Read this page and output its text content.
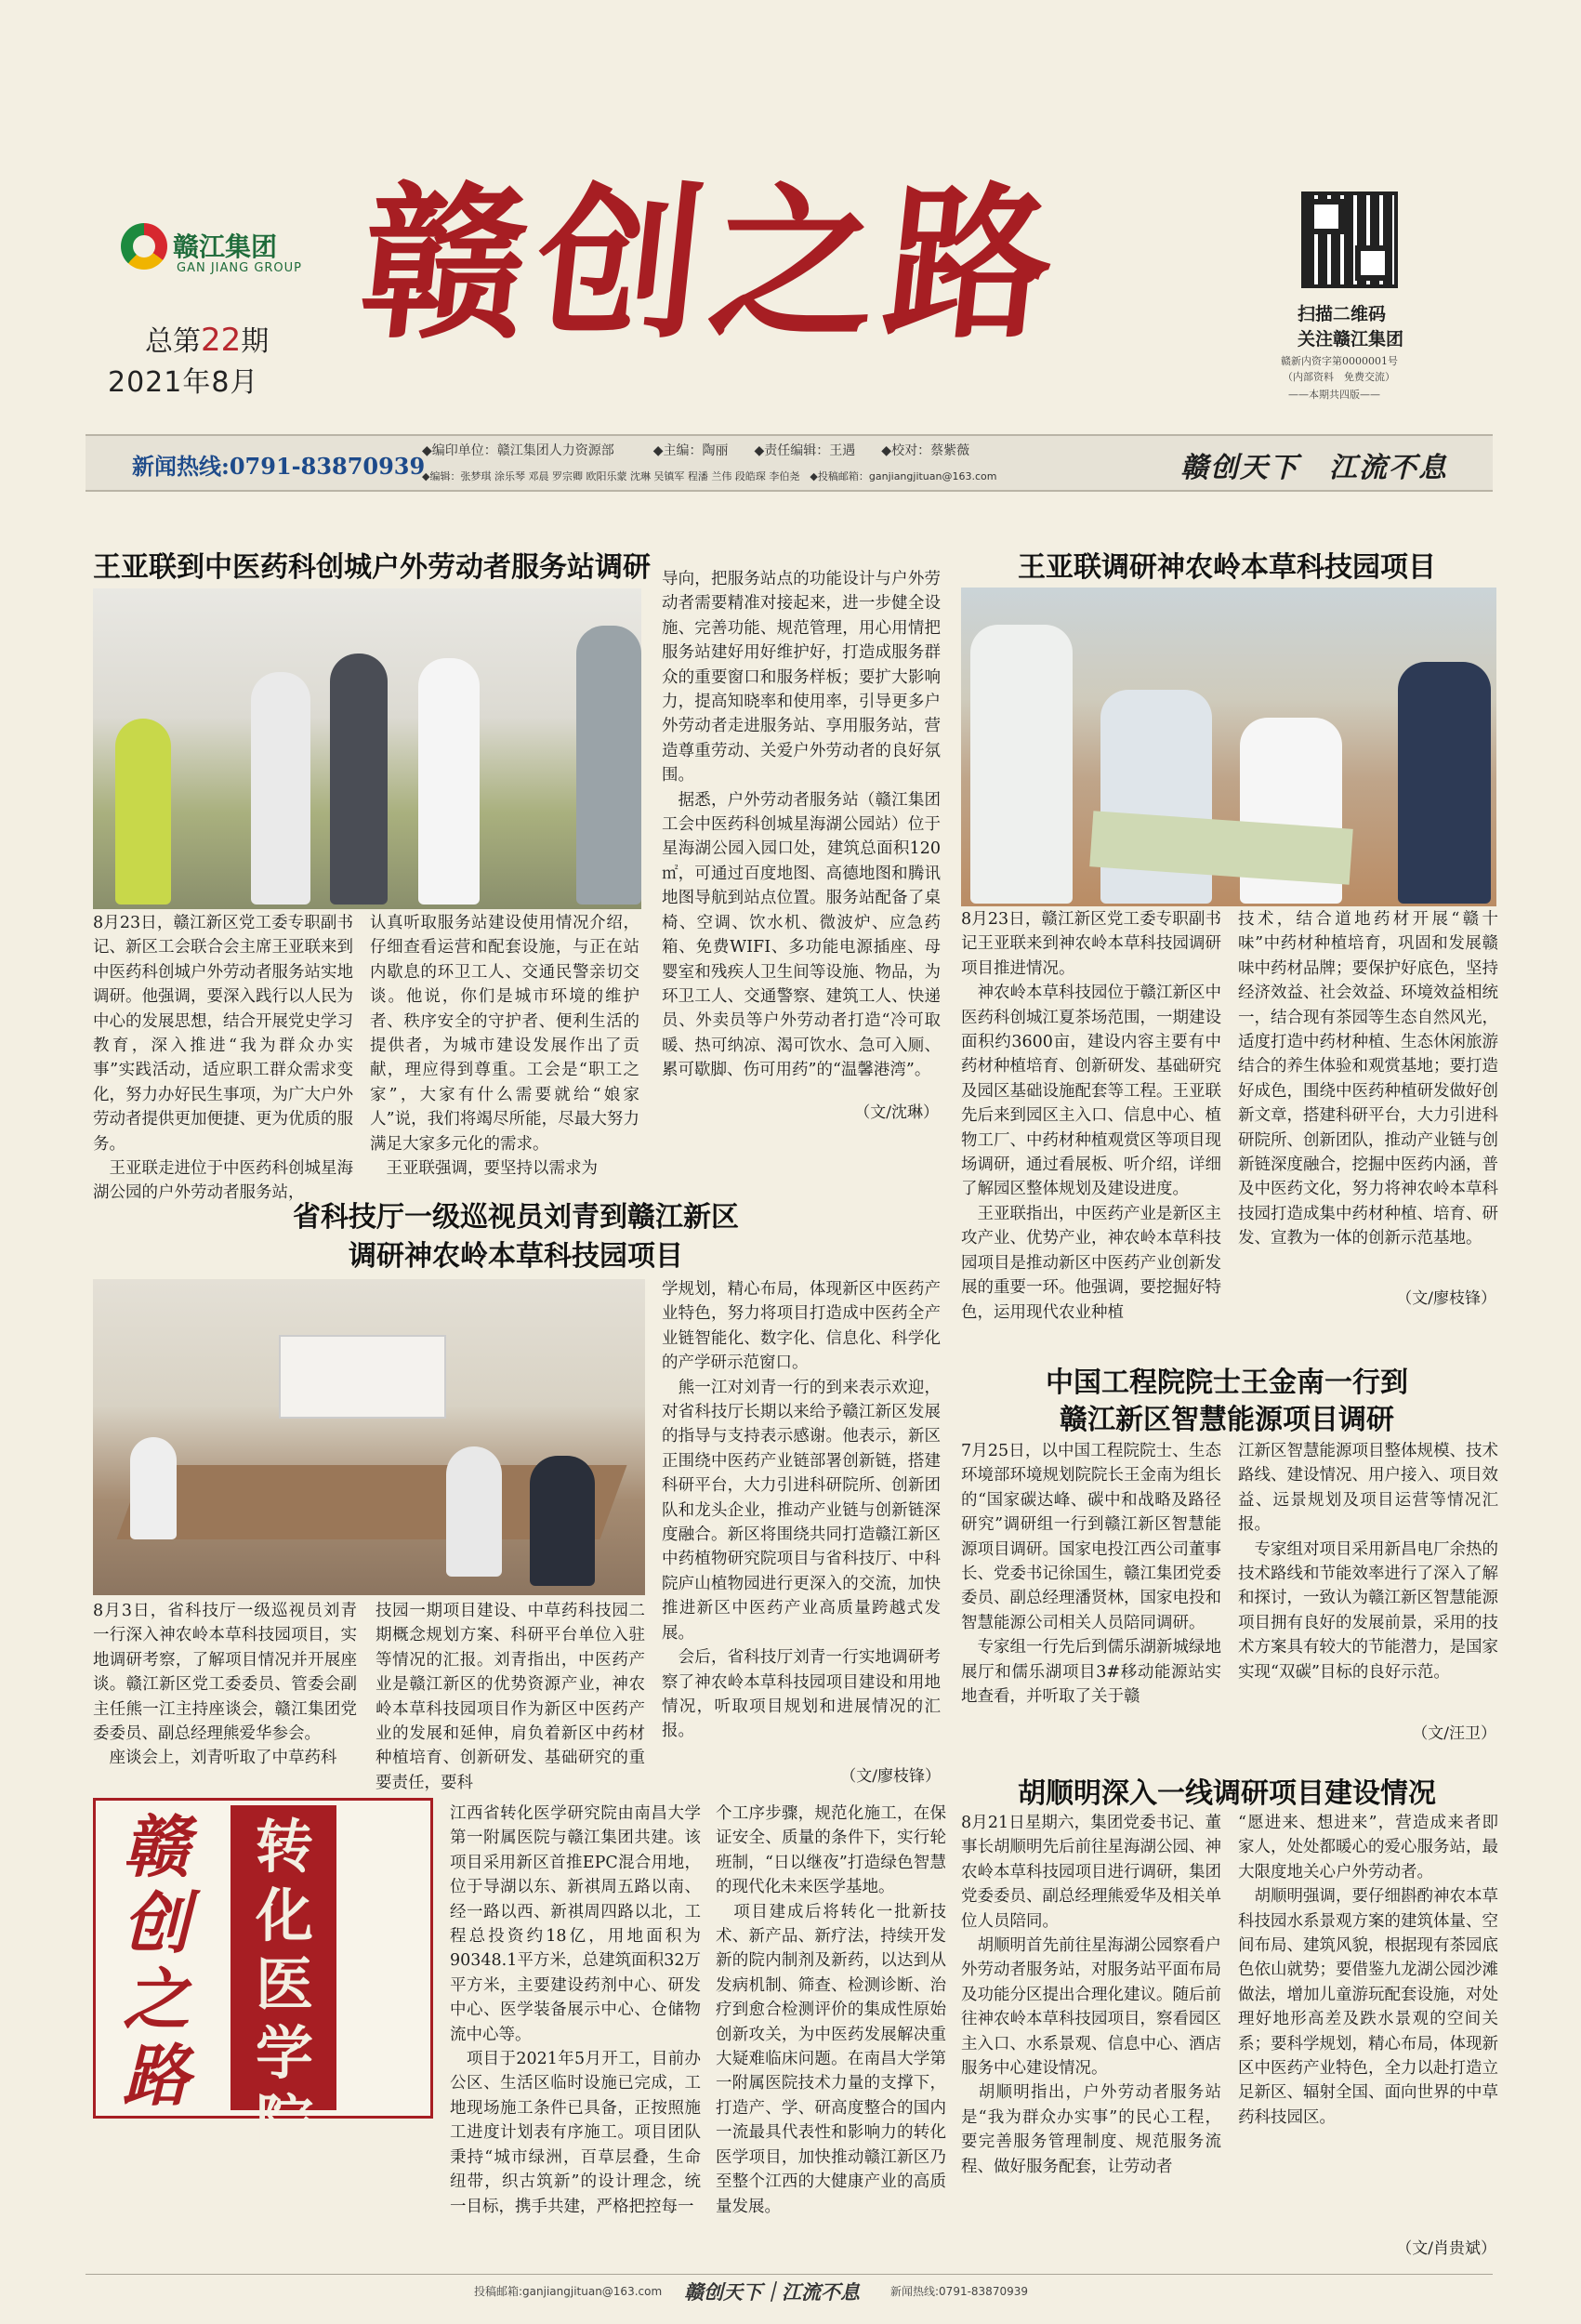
赣江集团
GAN JIANG GROUP
总第22期
2021年8月
赣创之路	扫描二维码
关注赣江集团
赣新内资字第0000001号
（内部资料　免费交流）
——本期共四版——
新闻热线:0791-83870939
◆编印单位：赣江集团人力资源部　　　◆主编：陶丽　　◆责任编辑：王遇　　◆校对：蔡紫薇
◆编辑：张梦琪 涂乐琴 邓晨 罗宗卿 欧阳乐蒙 沈琳 吴镇军 程潘 兰伟 段皓琛 李伯尧　◆投稿邮箱：ganjiangjituan@163.com	赣创天下　江流不息
王亚联到中医药科创城户外劳动者服务站调研
8月23日，赣江新区党工委专职副书记、新区工会联合会主席王亚联来到中医药科创城户外劳动者服务站实地调研。他强调，要深入践行以人民为中心的发展思想，结合开展党史学习教育，深入推进“我为群众办实事”实践活动，适应职工群众需求变化，努力办好民生事项，为广大户外劳动者提供更加便捷、更为优质的服务。
　王亚联走进位于中医药科创城星海湖公园的户外劳动者服务站，
认真听取服务站建设使用情况介绍，仔细查看运营和配套设施，与正在站内歇息的环卫工人、交通民警亲切交谈。他说，你们是城市环境的维护者、秩序安全的守护者、便利生活的提供者，为城市建设发展作出了贡献，理应得到尊重。工会是“职工之家”，大家有什么需要就给“娘家人”说，我们将竭尽所能，尽最大努力满足大家多元化的需求。
　王亚联强调，要坚持以需求为
导向，把服务站点的功能设计与户外劳动者需要精准对接起来，进一步健全设施、完善功能、规范管理，用心用情把服务站建好用好维护好，打造成服务群众的重要窗口和服务样板；要扩大影响力，提高知晓率和使用率，引导更多户外劳动者走进服务站、享用服务站，营造尊重劳动、关爱户外劳动者的良好氛围。
　据悉，户外劳动者服务站（赣江集团工会中医药科创城星海湖公园站）位于星海湖公园入园口处，建筑总面积120㎡，可通过百度地图、高德地图和腾讯地图导航到站点位置。服务站配备了桌椅、空调、饮水机、微波炉、应急药箱、免费WIFI、多功能电源插座、母婴室和残疾人卫生间等设施、物品，为环卫工人、交通警察、建筑工人、快递员、外卖员等户外劳动者打造“冷可取暖、热可纳凉、渴可饮水、急可入厕、累可歇脚、伤可用药”的“温馨港湾”。
（文/沈琳）
王亚联调研神农岭本草科技园项目
8月23日，赣江新区党工委专职副书记王亚联来到神农岭本草科技园调研项目推进情况。
　神农岭本草科技园位于赣江新区中医药科创城江夏茶场范围，一期建设面积约3600亩，建设内容主要有中药材种植培育、创新研发、基础研究及园区基础设施配套等工程。王亚联先后来到园区主入口、信息中心、植物工厂、中药材种植观赏区等项目现场调研，通过看展板、听介绍，详细了解园区整体规划及建设进度。
　王亚联指出，中医药产业是新区主攻产业、优势产业，神农岭本草科技园项目是推动新区中医药产业创新发展的重要一环。他强调，要挖掘好特色，运用现代农业种植
技术，结合道地药材开展“赣十味”中药材种植培育，巩固和发展赣味中药材品牌；要保护好底色，坚持经济效益、社会效益、环境效益相统一，结合现有茶园等生态自然风光，适度打造中药材种植、生态休闲旅游结合的养生体验和观赏基地；要打造好成色，围绕中医药种植研发做好创新文章，搭建科研平台，大力引进科研院所、创新团队，推动产业链与创新链深度融合，挖掘中医药内涵，普及中医药文化，努力将神农岭本草科技园打造成集中药材种植、培育、研发、宣教为一体的创新示范基地。
（文/廖枝锋）
省科技厅一级巡视员刘青到赣江新区
调研神农岭本草科技园项目
8月3日，省科技厅一级巡视员刘青一行深入神农岭本草科技园项目，实地调研考察，了解项目情况并开展座谈。赣江新区党工委委员、管委会副主任熊一江主持座谈会，赣江集团党委委员、副总经理熊爱华参会。
　座谈会上，刘青听取了中草药科
技园一期项目建设、中草药科技园二期概念规划方案、科研平台单位入驻等情况的汇报。刘青指出，中医药产业是赣江新区的优势资源产业，神农岭本草科技园项目作为新区中医药产业的发展和延伸，肩负着新区中药材种植培育、创新研发、基础研究的重要责任，要科
学规划，精心布局，体现新区中医药产业特色，努力将项目打造成中医药全产业链智能化、数字化、信息化、科学化的产学研示范窗口。
　熊一江对刘青一行的到来表示欢迎，对省科技厅长期以来给予赣江新区发展的指导与支持表示感谢。他表示，新区正围绕中医药产业链部署创新链，搭建科研平台，大力引进科研院所、创新团队和龙头企业，推动产业链与创新链深度融合。新区将围绕共同打造赣江新区中药植物研究院项目与省科技厅、中科院庐山植物园进行更深入的交流，加快推进新区中医药产业高质量跨越式发展。
　会后，省科技厅刘青一行实地调研考察了神农岭本草科技园项目建设和用地情况，听取项目规划和进展情况的汇报。
（文/廖枝锋）
中国工程院院士王金南一行到
赣江新区智慧能源项目调研
7月25日，以中国工程院院士、生态环境部环境规划院院长王金南为组长的“国家碳达峰、碳中和战略及路径研究”调研组一行到赣江新区智慧能源项目调研。国家电投江西公司董事长、党委书记徐国生，赣江集团党委委员、副总经理潘贤林，国家电投和智慧能源公司相关人员陪同调研。
　专家组一行先后到儒乐湖新城绿地展厅和儒乐湖项目3#移动能源站实地查看，并听取了关于赣
江新区智慧能源项目整体规模、技术路线、建设情况、用户接入、项目效益、远景规划及项目运营等情况汇报。
　专家组对项目采用新昌电厂余热的技术路线和节能效率进行了深入了解和探讨，一致认为赣江新区智慧能源项目拥有良好的发展前景，采用的技术方案具有较大的节能潜力，是国家实现“双碳”目标的良好示范。
（文/汪卫）
赣创之路
转化医学院
江西省转化医学研究院由南昌大学第一附属医院与赣江集团共建。该项目采用新区首推EPC混合用地，位于导湖以东、新祺周五路以南、经一路以西、新祺周四路以北，工程总投资约18亿，用地面积为90348.1平方米，总建筑面积32万平方米，主要建设药剂中心、研发中心、医学装备展示中心、仓储物流中心等。
　项目于2021年5月开工，目前办公区、生活区临时设施已完成，工地现场施工条件已具备，正按照施工进度计划表有序施工。项目团队秉持“城市绿洲，百草层叠，生命纽带，织古筑新”的设计理念，统一目标，携手共建，严格把控每一
个工序步骤，规范化施工，在保证安全、质量的条件下，实行轮班制，“日以继夜”打造绿色智慧的现代化未来医学基地。
　项目建成后将转化一批新技术、新产品、新疗法，持续开发新的院内制剂及新药，以达到从发病机制、筛查、检测诊断、治疗到愈合检测评价的集成性原始创新攻关，为中医药发展解决重大疑难临床问题。在南昌大学第一附属医院技术力量的支撑下，打造产、学、研高度整合的国内一流最具代表性和影响力的转化医学项目，加快推动赣江新区乃至整个江西的大健康产业的高质量发展。
胡顺明深入一线调研项目建设情况
8月21日星期六，集团党委书记、董事长胡顺明先后前往星海湖公园、神农岭本草科技园项目进行调研，集团党委委员、副总经理熊爱华及相关单位人员陪同。
　胡顺明首先前往星海湖公园察看户外劳动者服务站，对服务站平面布局及功能分区提出合理化建议。随后前往神农岭本草科技园项目，察看园区主入口、水系景观、信息中心、酒店服务中心建设情况。
　胡顺明指出，户外劳动者服务站是“我为群众办实事”的民心工程，要完善服务管理制度、规范服务流程、做好服务配套，让劳动者
“愿进来、想进来”，营造成来者即家人，处处都暖心的爱心服务站，最大限度地关心户外劳动者。
　胡顺明强调，要仔细斟酌神农本草科技园水系景观方案的建筑体量、空间布局、建筑风貌，根据现有茶园底色依山就势；要借鉴九龙湖公园沙滩做法，增加儿童游玩配套设施，对处理好地形高差及跌水景观的空间关系；要科学规划，精心布局，体现新区中医药产业特色，全力以赴打造立足新区、辐射全国、面向世界的中草药科技园区。
（文/肖贵斌）
投稿邮箱:ganjiangjituan@163.com 赣创天下｜江流不息	新闻热线:0791-83870939
